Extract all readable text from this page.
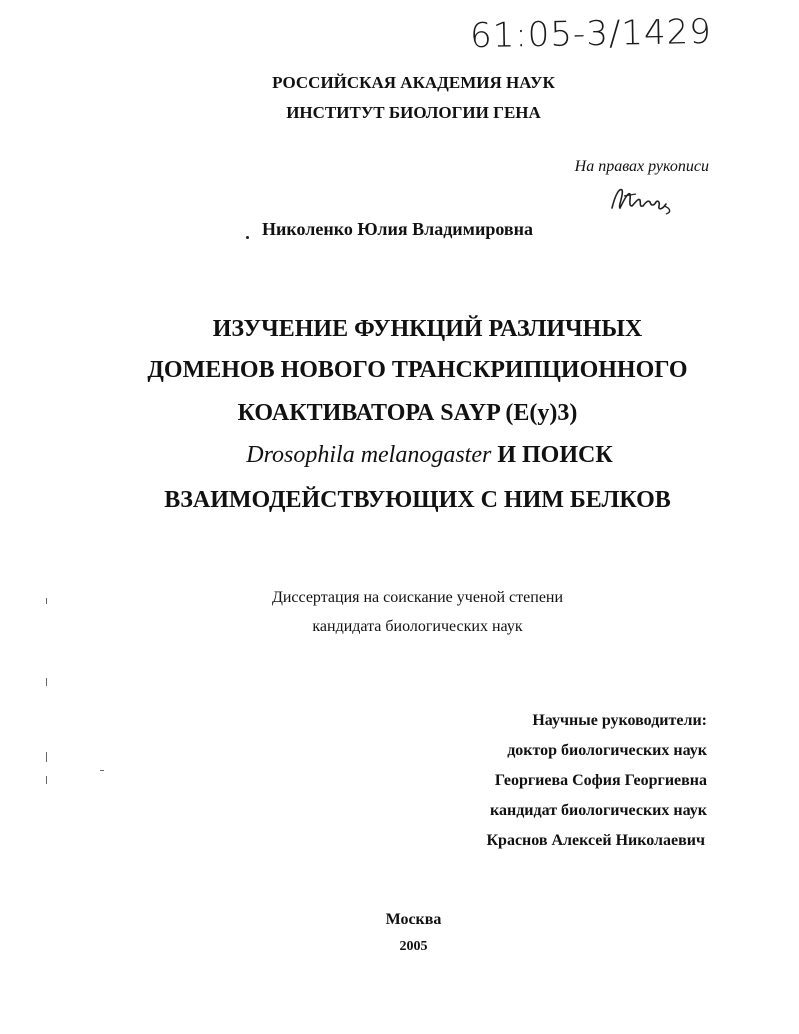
61:05-3/1429
РОССИЙСКАЯ АКАДЕМИЯ НАУК
ИНСТИТУТ БИОЛОГИИ ГЕНА
На правах рукописи
Николенко Юлия Владимировна
ИЗУЧЕНИЕ ФУНКЦИЙ РАЗЛИЧНЫХ
ДОМЕНОВ НОВОГО ТРАНСКРИПЦИОННОГО
КОАКТИВАТОРА SAYP (E(y)3)
Drosophila melanogaster И ПОИСК
ВЗАИМОДЕЙСТВУЮЩИХ С НИМ БЕЛКОВ
Диссертация на соискание ученой степени
кандидата биологических наук
Научные руководители:
доктор биологических наук
Георгиева София Георгиевна
кандидат биологических наук
Краснов Алексей Николаевич
Москва
2005
